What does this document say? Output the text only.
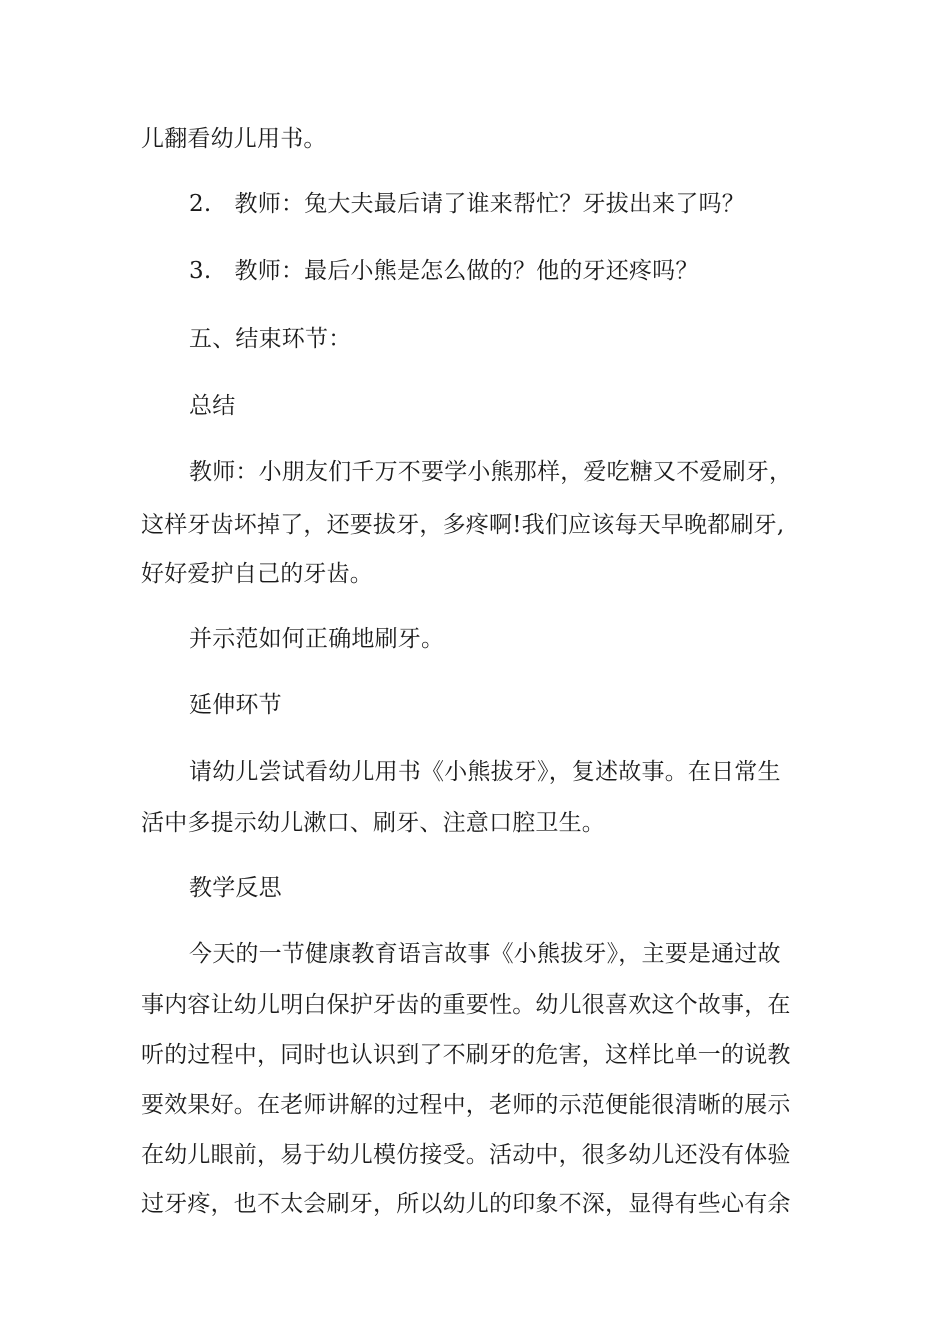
儿翻看幼儿用书。
2.　教师：兔大夫最后请了谁来帮忙？牙拔出来了吗？
3.　教师：最后小熊是怎么做的？他的牙还疼吗？
五、结束环节：
总结
教师：小朋友们千万不要学小熊那样，爱吃糖又不爱刷牙，
这样牙齿坏掉了，还要拔牙，多疼啊!我们应该每天早晚都刷牙,
好好爱护自己的牙齿。
并示范如何正确地刷牙。
延伸环节
请幼儿尝试看幼儿用书《小熊拔牙》，复述故事。在日常生
活中多提示幼儿漱口、刷牙、注意口腔卫生。
教学反思
今天的一节健康教育语言故事《小熊拔牙》，主要是通过故
事内容让幼儿明白保护牙齿的重要性。幼儿很喜欢这个故事，在
听的过程中，同时也认识到了不刷牙的危害，这样比单一的说教
要效果好。在老师讲解的过程中，老师的示范便能很清晰的展示
在幼儿眼前，易于幼儿模仿接受。活动中，很多幼儿还没有体验
过牙疼，也不太会刷牙，所以幼儿的印象不深，显得有些心有余
